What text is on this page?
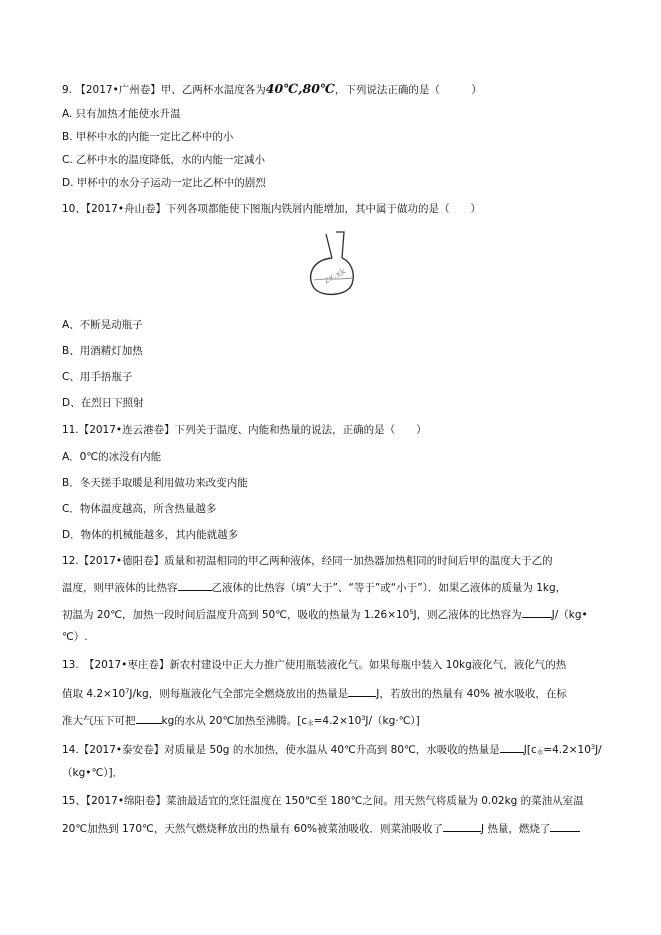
9. 【2017•广州卷】甲、乙两杯水温度各为40℃,80℃，下列说法正确的是（　　　）
A. 只有加热才能使水升温
B. 甲杯中水的内能一定比乙杯中的小
C. 乙杯中水的温度降低，水的内能一定减小
D. 甲杯中的水分子运动一定比乙杯中的剧烈
10、【2017•舟山卷】下列各项都能使下图瓶内铁屑内能增加，其中属于做功的是（　　）
zx.xk
A、不断晃动瓶子
B、用酒精灯加热
C、用手捂瓶子
D、在烈日下照射
11.【2017•连云港卷】下列关于温度、内能和热量的说法，正确的是（　　）
A．0℃的冰没有内能
B．冬天搓手取暖是利用做功来改变内能
C．物体温度越高，所含热量越多
D．物体的机械能越多，其内能就越多
12.【2017•德阳卷】质量和初温相同的甲乙两种液体，经同一加热器加热相同的时间后甲的温度大于乙的
温度，则甲液体的比热容	乙液体的比热容（填“大于”、“等于”或“小于”）．如果乙液体的质量为 1kg，
初温为 20℃，加热一段时间后温度升高到 50℃，吸收的热量为 $1.26\times 10^5J$，则乙液体的比热容为	J/（kg•
℃）.
13.　【2017•枣庄卷】新农村建设中正大力推广使用瓶装液化气。如果每瓶中装入 10kg液化气，液化气的热
值取 $4.2\times 10^7J/kg$，则每瓶液化气全部完全燃烧放出的热量是	J，若放出的热量有 40% 被水吸收，在标
准大气压下可把 kg的水从 20℃加热至沸腾。[c水$=4.2\times 10^3J/(kg\cdot℃)$]
14.【2017•泰安卷】对质量是 50g 的水加热，使水温从 40℃升高到 80℃，水吸收的热量是 J[c水$=4.2\times 10^3J/$
（kg•℃）]．
15、【2017•绵阳卷】菜油最适宜的烹饪温度在 150℃至 180℃之间。用天然气将质量为 0.02kg 的菜油从室温
20℃加热到 170℃，天然气燃烧释放出的热量有 60%被菜油吸收．则菜油吸收了	J 热量，燃烧了
